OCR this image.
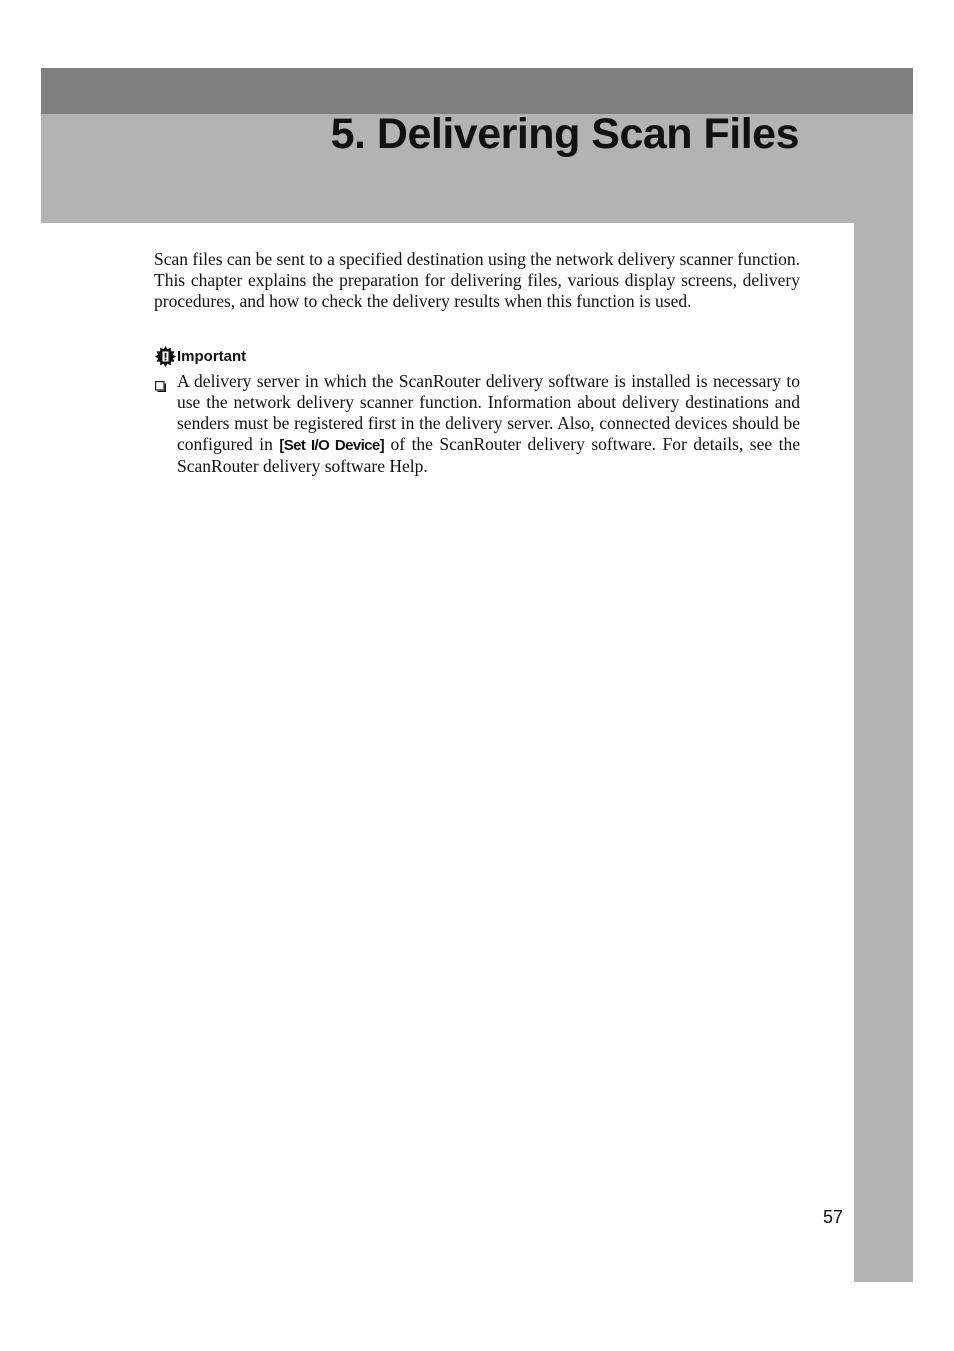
5. Delivering Scan Files

Scan files can be sent to a specified destination using the network delivery scanner function. This chapter explains the preparation for delivering files, various display screens, delivery procedures, and how to check the delivery results when this function is used.

Important
A delivery server in which the ScanRouter delivery software is installed is necessary to use the network delivery scanner function. Information about delivery destinations and senders must be registered first in the delivery server. Also, connected devices should be configured in [Set I/O Device] of the ScanRouter delivery software. For details, see the ScanRouter delivery software Help.
57
